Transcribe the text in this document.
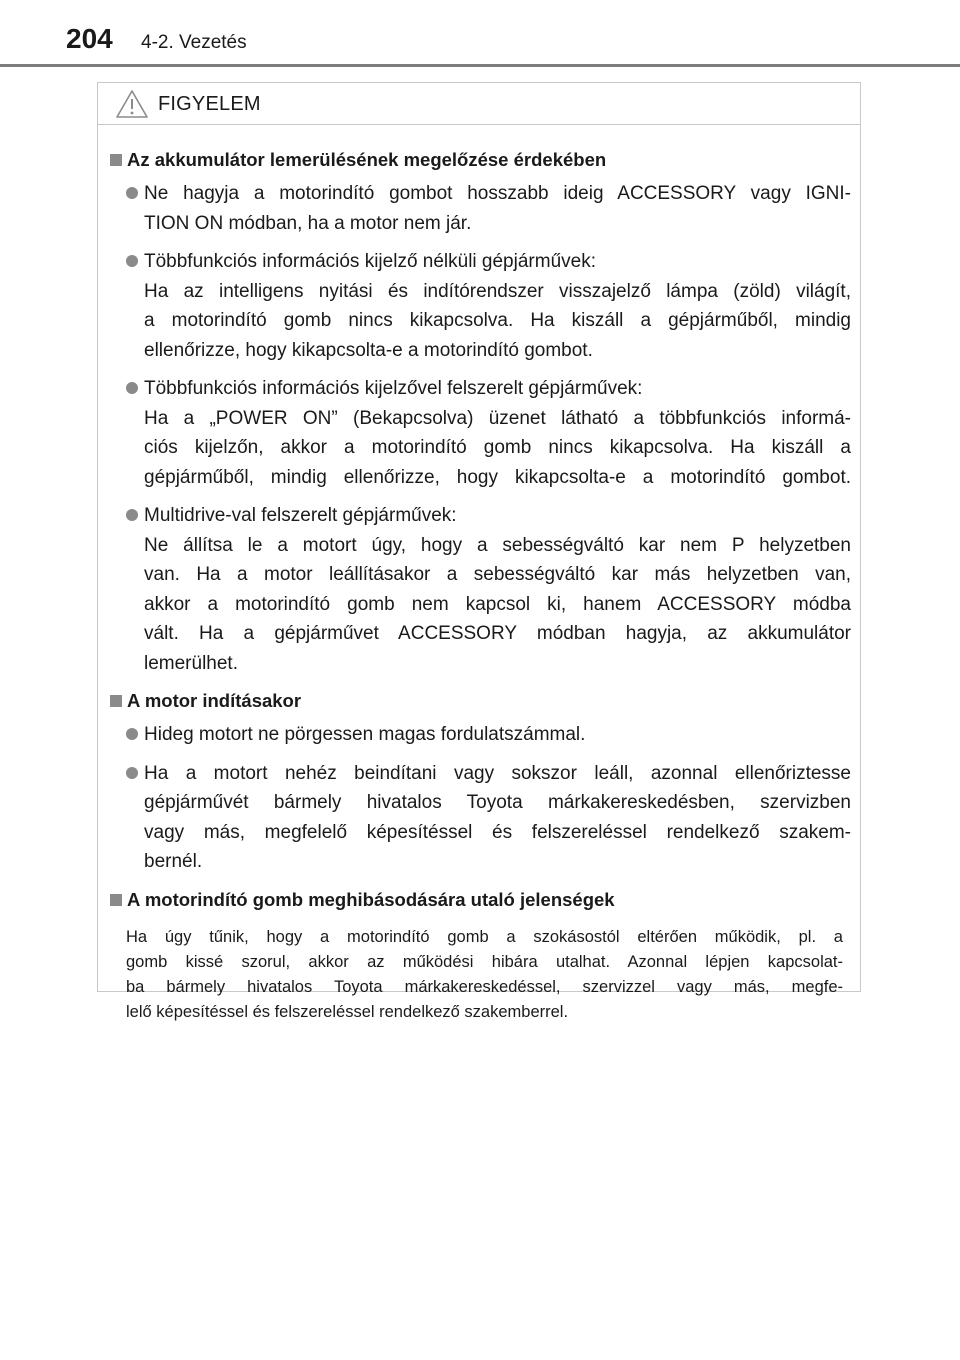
204 4-2. Vezetés
FIGYELEM
Az akkumulátor lemerülésének megelőzése érdekében
Ne hagyja a motorindító gombot hosszabb ideig ACCESSORY vagy IGNI-
TION ON módban, ha a motor nem jár.
Többfunkciós információs kijelző nélküli gépjárművek:
Ha az intelligens nyitási és indítórendszer visszajelző lámpa (zöld) világít,
a motorindító gomb nincs kikapcsolva. Ha kiszáll a gépjárműből, mindig
ellenőrizze, hogy kikapcsolta-e a motorindító gombot.
Többfunkciós információs kijelzővel felszerelt gépjárművek:
Ha a „POWER ON” (Bekapcsolva) üzenet látható a többfunkciós informá-
ciós kijelzőn, akkor a motorindító gomb nincs kikapcsolva. Ha kiszáll a
gépjárműből, mindig ellenőrizze, hogy kikapcsolta-e a motorindító gombot.
Multidrive-val felszerelt gépjárművek:
Ne állítsa le a motort úgy, hogy a sebességváltó kar nem P helyzetben
van. Ha a motor leállításakor a sebességváltó kar más helyzetben van,
akkor a motorindító gomb nem kapcsol ki, hanem ACCESSORY módba
vált. Ha a gépjárművet ACCESSORY módban hagyja, az akkumulátor
lemerülhet.
A motor indításakor
Hideg motort ne pörgessen magas fordulatszámmal.
Ha a motort nehéz beindítani vagy sokszor leáll, azonnal ellenőriztesse
gépjárművét bármely hivatalos Toyota márkakereskedésben, szervizben
vagy más, megfelelő képesítéssel és felszereléssel rendelkező szakem-
bernél.
A motorindító gomb meghibásodására utaló jelenségek
Ha úgy tűnik, hogy a motorindító gomb a szokásostól eltérően működik, pl. a
gomb kissé szorul, akkor az működési hibára utalhat. Azonnal lépjen kapcsolat-
ba bármely hivatalos Toyota márkakereskedéssel, szervizzel vagy más, megfe-
lelő képesítéssel és felszereléssel rendelkező szakemberrel.
